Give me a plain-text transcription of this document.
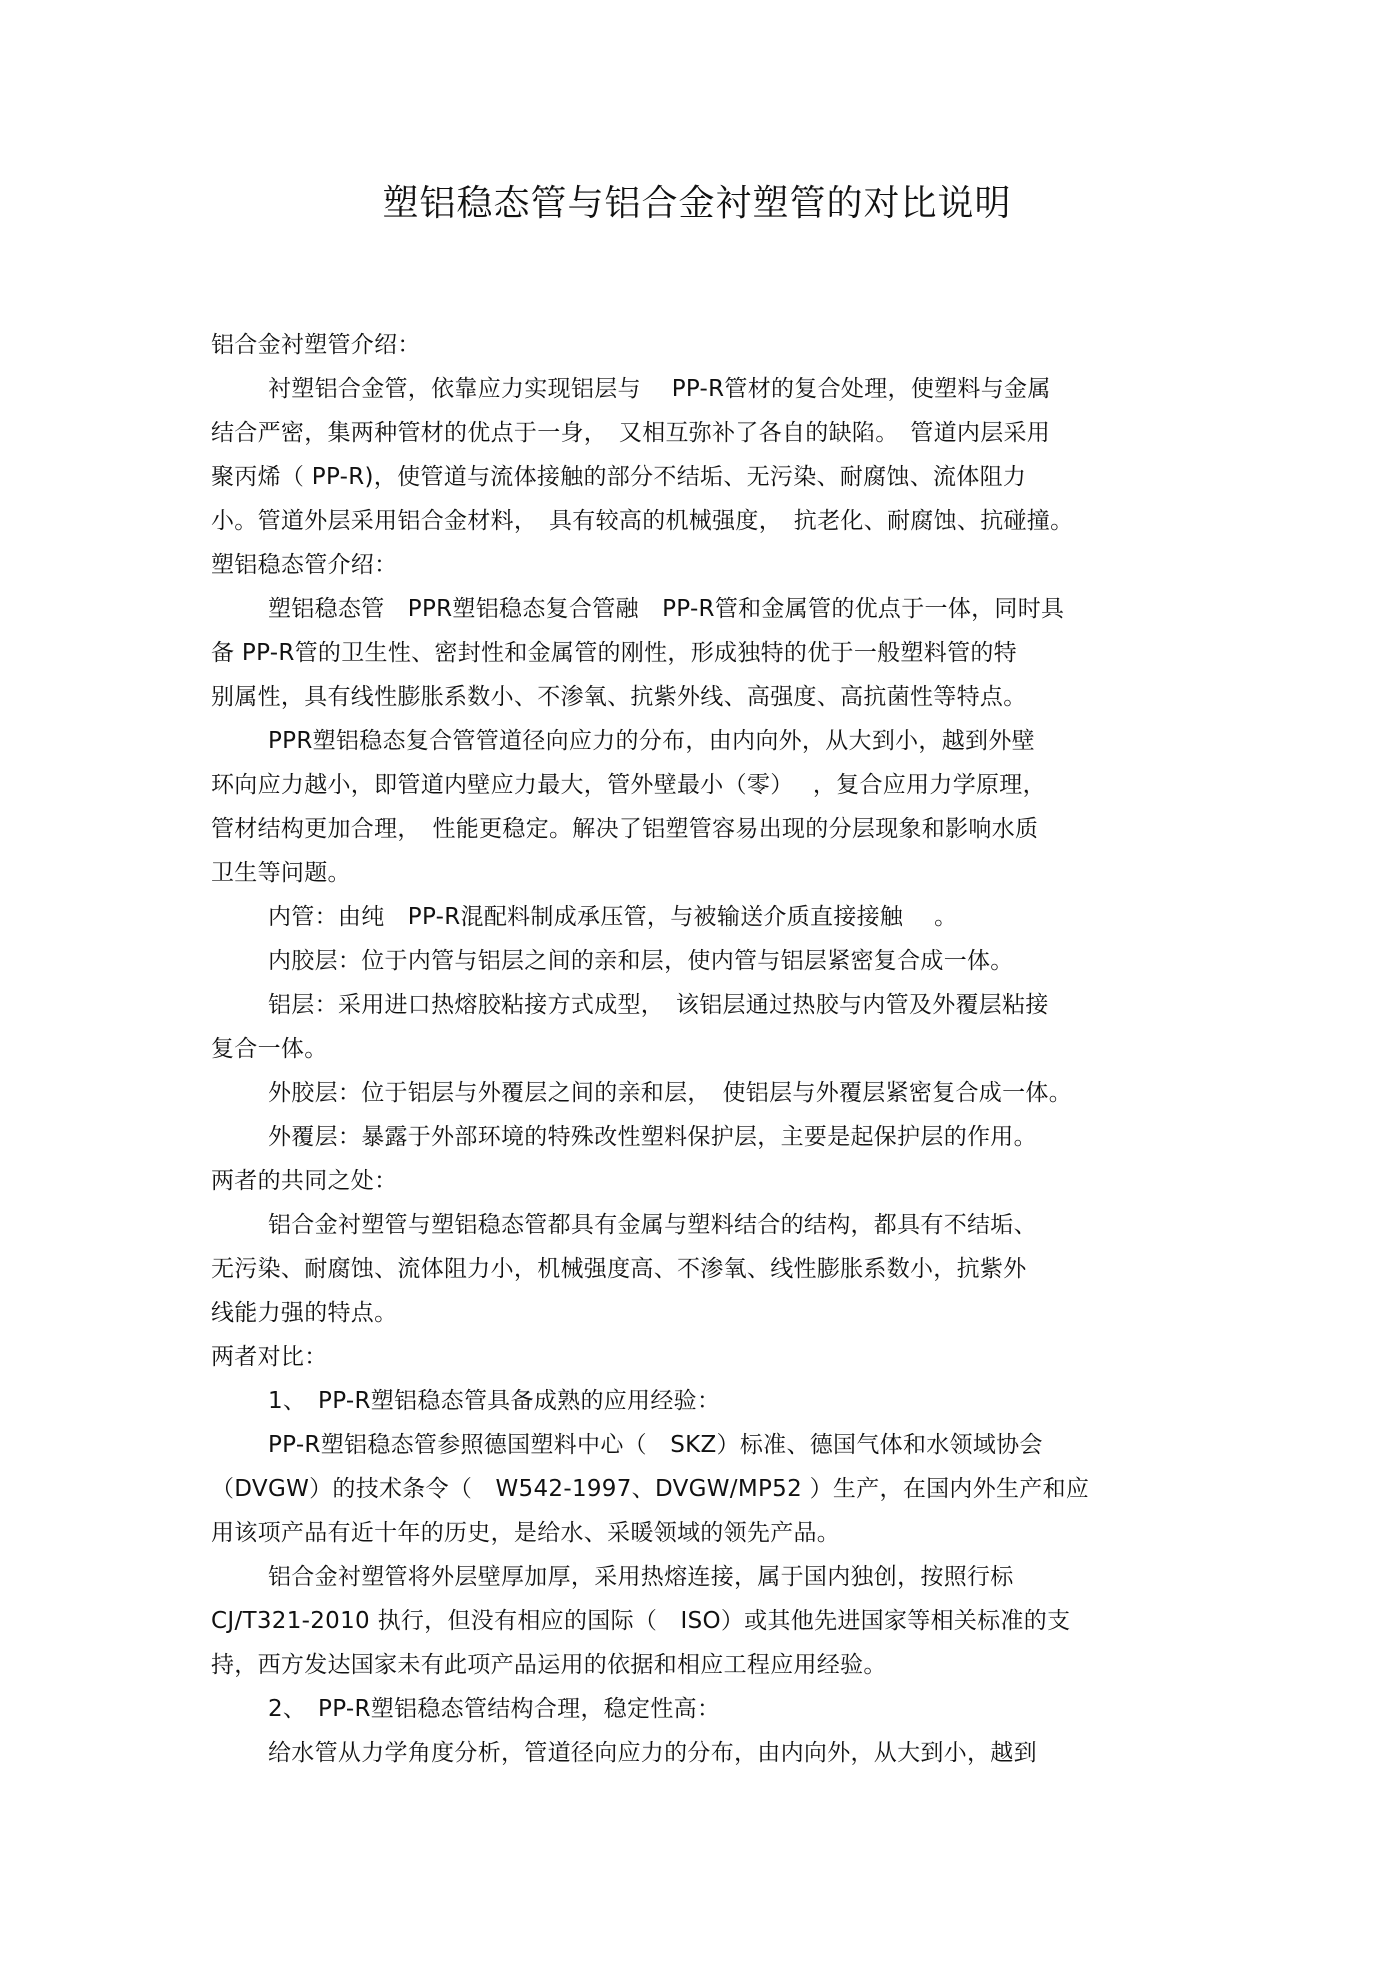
塑铝稳态管与铝合金衬塑管的对比说明
铝合金衬塑管介绍：
衬塑铝合金管，依靠应力实现铝层与　 PP-R管材的复合处理，使塑料与金属
结合严密，集两种管材的优点于一身，　又相互弥补了各自的缺陷。　管道内层采用
聚丙烯（ PP-R)，使管道与流体接触的部分不结垢、无污染、耐腐蚀、流体阻力
小。管道外层采用铝合金材料，　具有较高的机械强度，　抗老化、耐腐蚀、抗碰撞。
塑铝稳态管介绍：
塑铝稳态管　PPR塑铝稳态复合管融　PP-R管和金属管的优点于一体，同时具
备 PP-R管的卫生性、密封性和金属管的刚性，形成独特的优于一般塑料管的特
别属性，具有线性膨胀系数小、不渗氧、抗紫外线、高强度、高抗菌性等特点。
PPR塑铝稳态复合管管道径向应力的分布，由内向外，从大到小，越到外壁
环向应力越小，即管道内壁应力最大，管外壁最小（零）　 ，复合应用力学原理，
管材结构更加合理，　性能更稳定。解决了铝塑管容易出现的分层现象和影响水质
卫生等问题。
内管：由纯　PP-R混配料制成承压管，与被输送介质直接接触　 。
内胶层：位于内管与铝层之间的亲和层，使内管与铝层紧密复合成一体。
铝层：采用进口热熔胶粘接方式成型，　该铝层通过热胶与内管及外覆层粘接
复合一体。
外胶层：位于铝层与外覆层之间的亲和层，　使铝层与外覆层紧密复合成一体。
外覆层：暴露于外部环境的特殊改性塑料保护层，主要是起保护层的作用。
两者的共同之处：
铝合金衬塑管与塑铝稳态管都具有金属与塑料结合的结构，都具有不结垢、
无污染、耐腐蚀、流体阻力小，机械强度高、不渗氧、线性膨胀系数小，抗紫外
线能力强的特点。
两者对比：
1、　PP-R塑铝稳态管具备成熟的应用经验：
PP-R塑铝稳态管参照德国塑料中心（　SKZ）标准、德国气体和水领域协会
（DVGW）的技术条令（　W542-1997、DVGW/MP52 ）生产，在国内外生产和应
用该项产品有近十年的历史，是给水、采暖领域的领先产品。
铝合金衬塑管将外层壁厚加厚，采用热熔连接，属于国内独创，按照行标
CJ/T321-2010 执行，但没有相应的国际（　ISO）或其他先进国家等相关标准的支
持，西方发达国家未有此项产品运用的依据和相应工程应用经验。
2、　PP-R塑铝稳态管结构合理，稳定性高：
给水管从力学角度分析，管道径向应力的分布，由内向外，从大到小，越到
